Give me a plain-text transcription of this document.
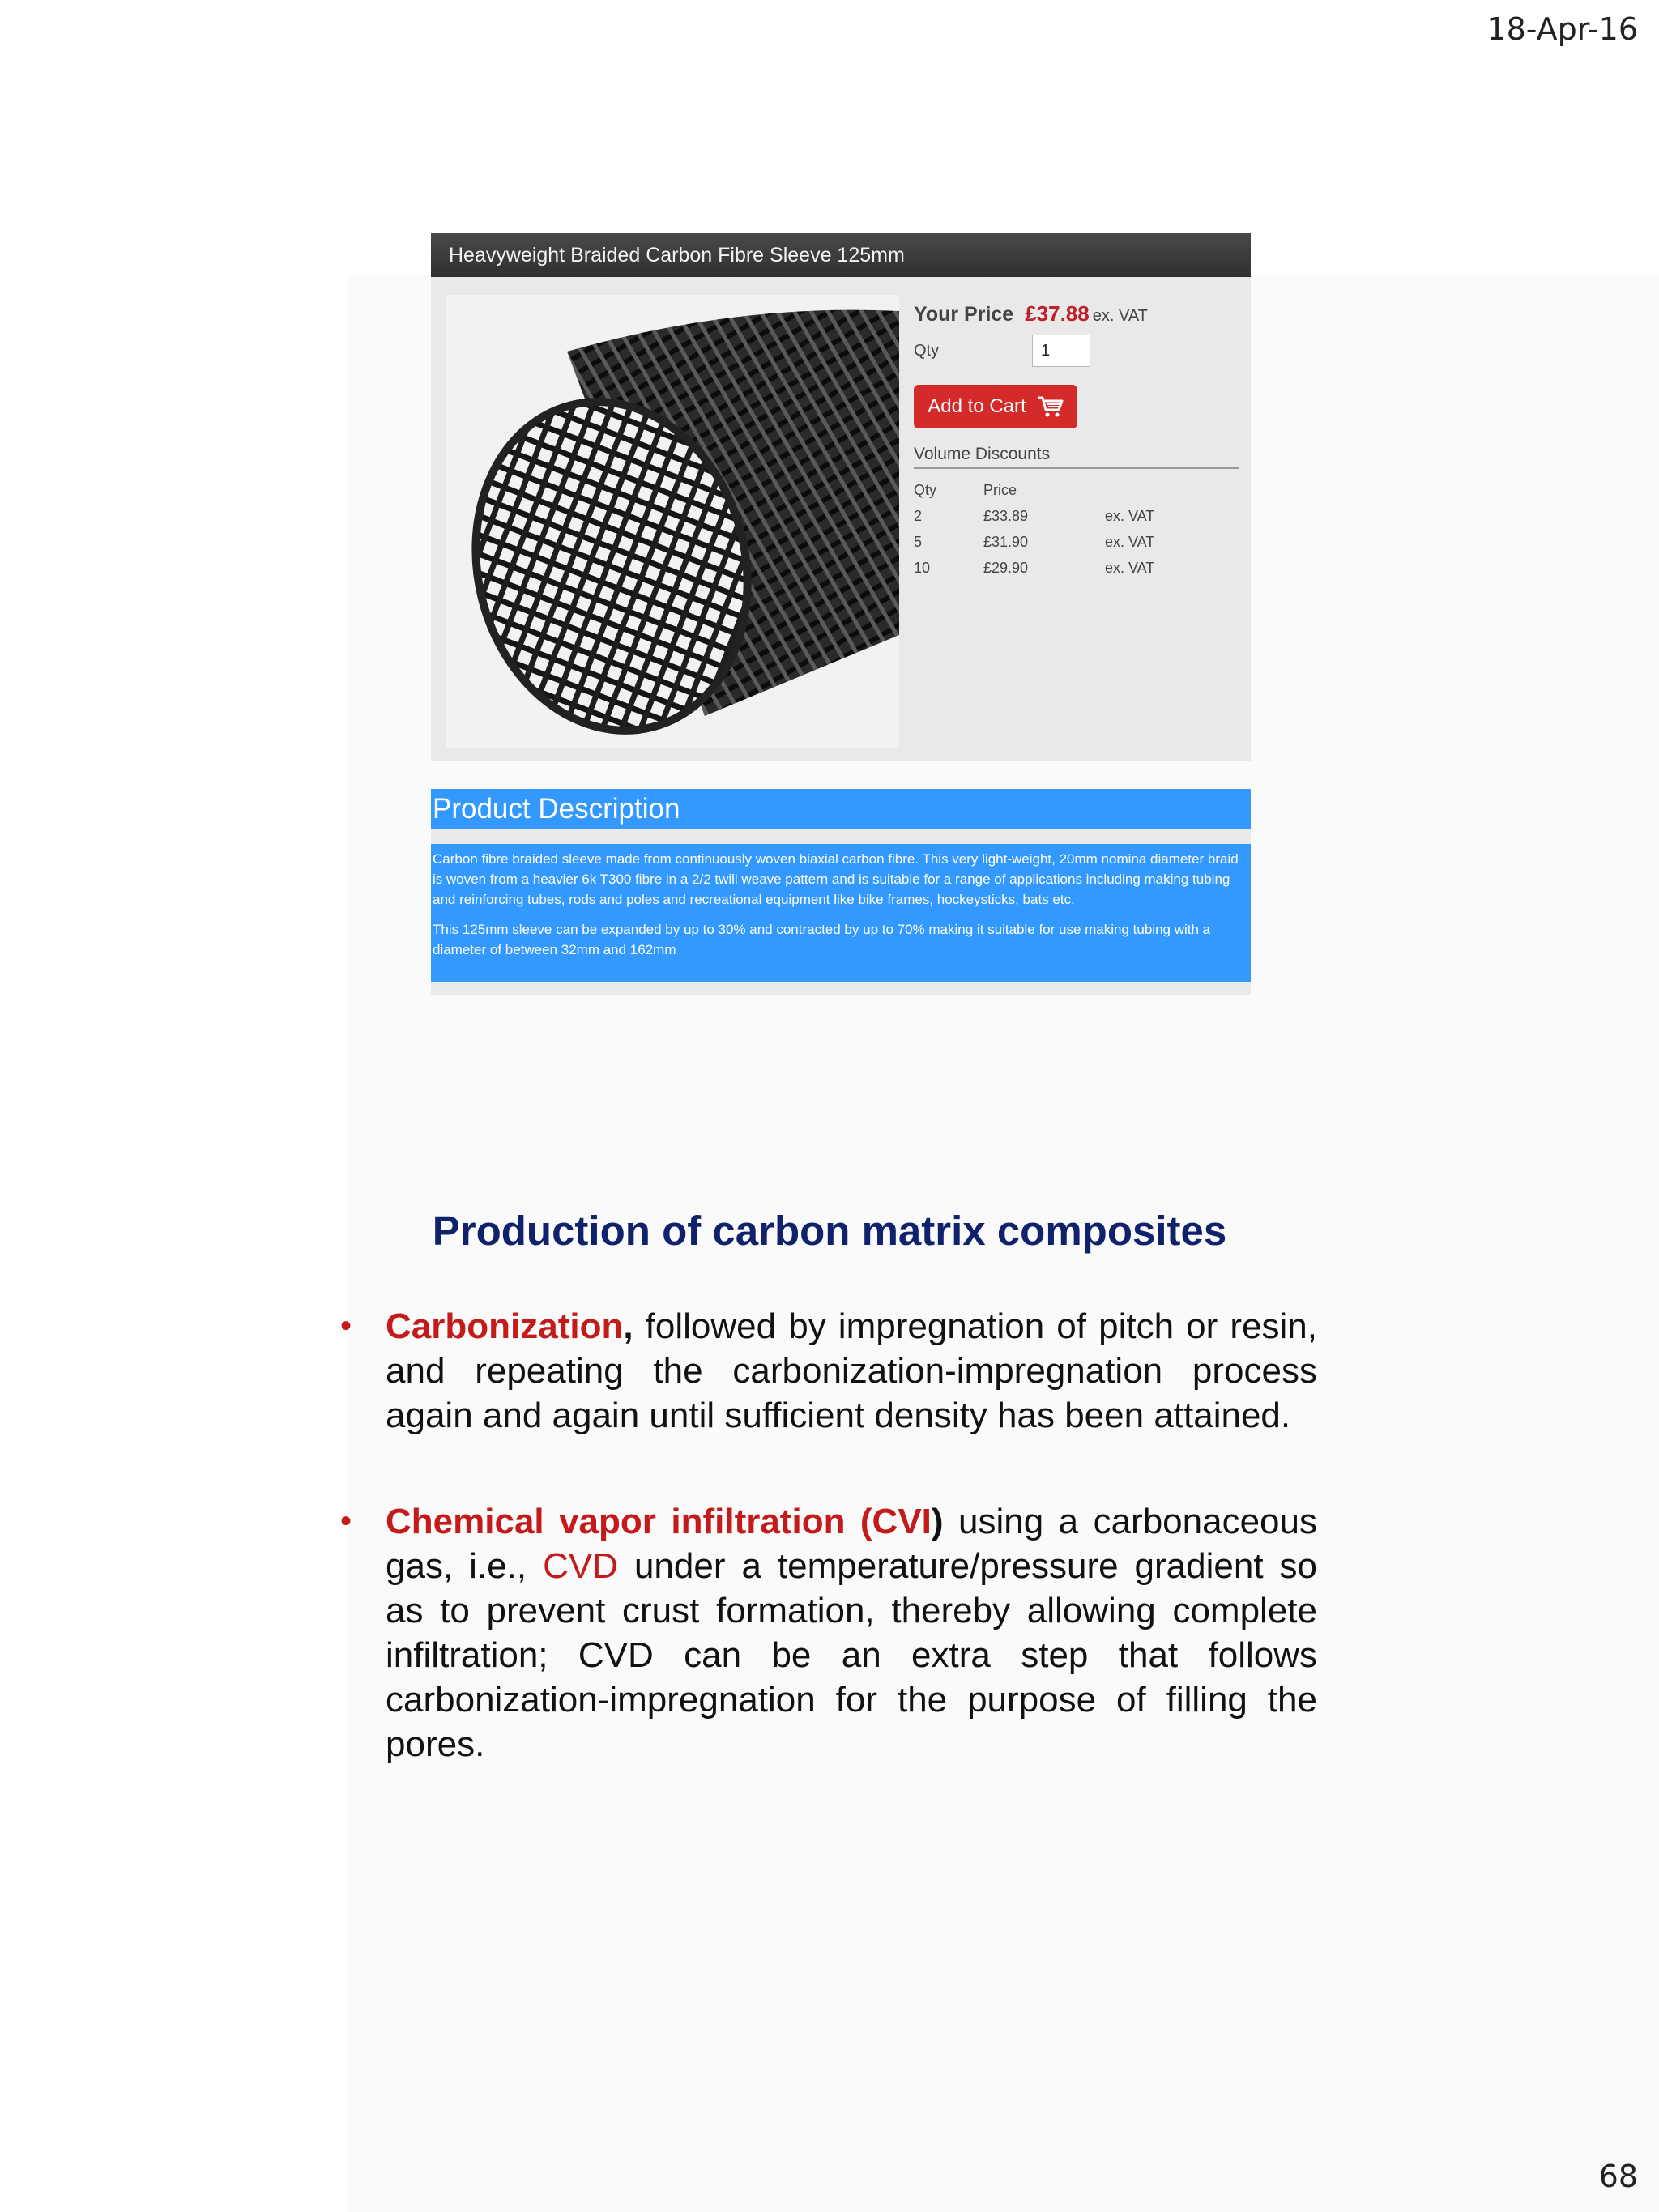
18-Apr-16
Heavyweight Braided Carbon Fibre Sleeve 125mm
Your Price £37.88 ex. VAT
Qty
1
Add to Cart
Volume Discounts
Qty	Price	
2	£33.89	ex. VAT
5	£31.90	ex. VAT
10	£29.90	ex. VAT
Product Description

Carbon fibre braided sleeve made from continuously woven biaxial carbon fibre. This very light-weight, 20mm nomina diameter braid is woven from a heavier 6k T300 fibre in a 2/2 twill weave pattern and is suitable for a range of applications including making tubing and reinforcing tubes, rods and poles and recreational equipment like bike frames, hockeysticks, bats etc.

This 125mm sleeve can be expanded by up to 30% and contracted by up to 70% making it suitable for use making tubing with a diameter of between 32mm and 162mm

Production of carbon matrix composites
• Carbonization, followed by impregnation of pitch or resin, and repeating the carbonization-impregnation process again and again until sufficient density has been attained.
• Chemical vapor infiltration (CVI) using a carbonaceous gas, i.e., CVD under a temperature/pressure gradient so as to prevent crust formation, thereby allowing complete infiltration; CVD can be an extra step that follows carbonization-impregnation for the purpose of filling the pores.
68
